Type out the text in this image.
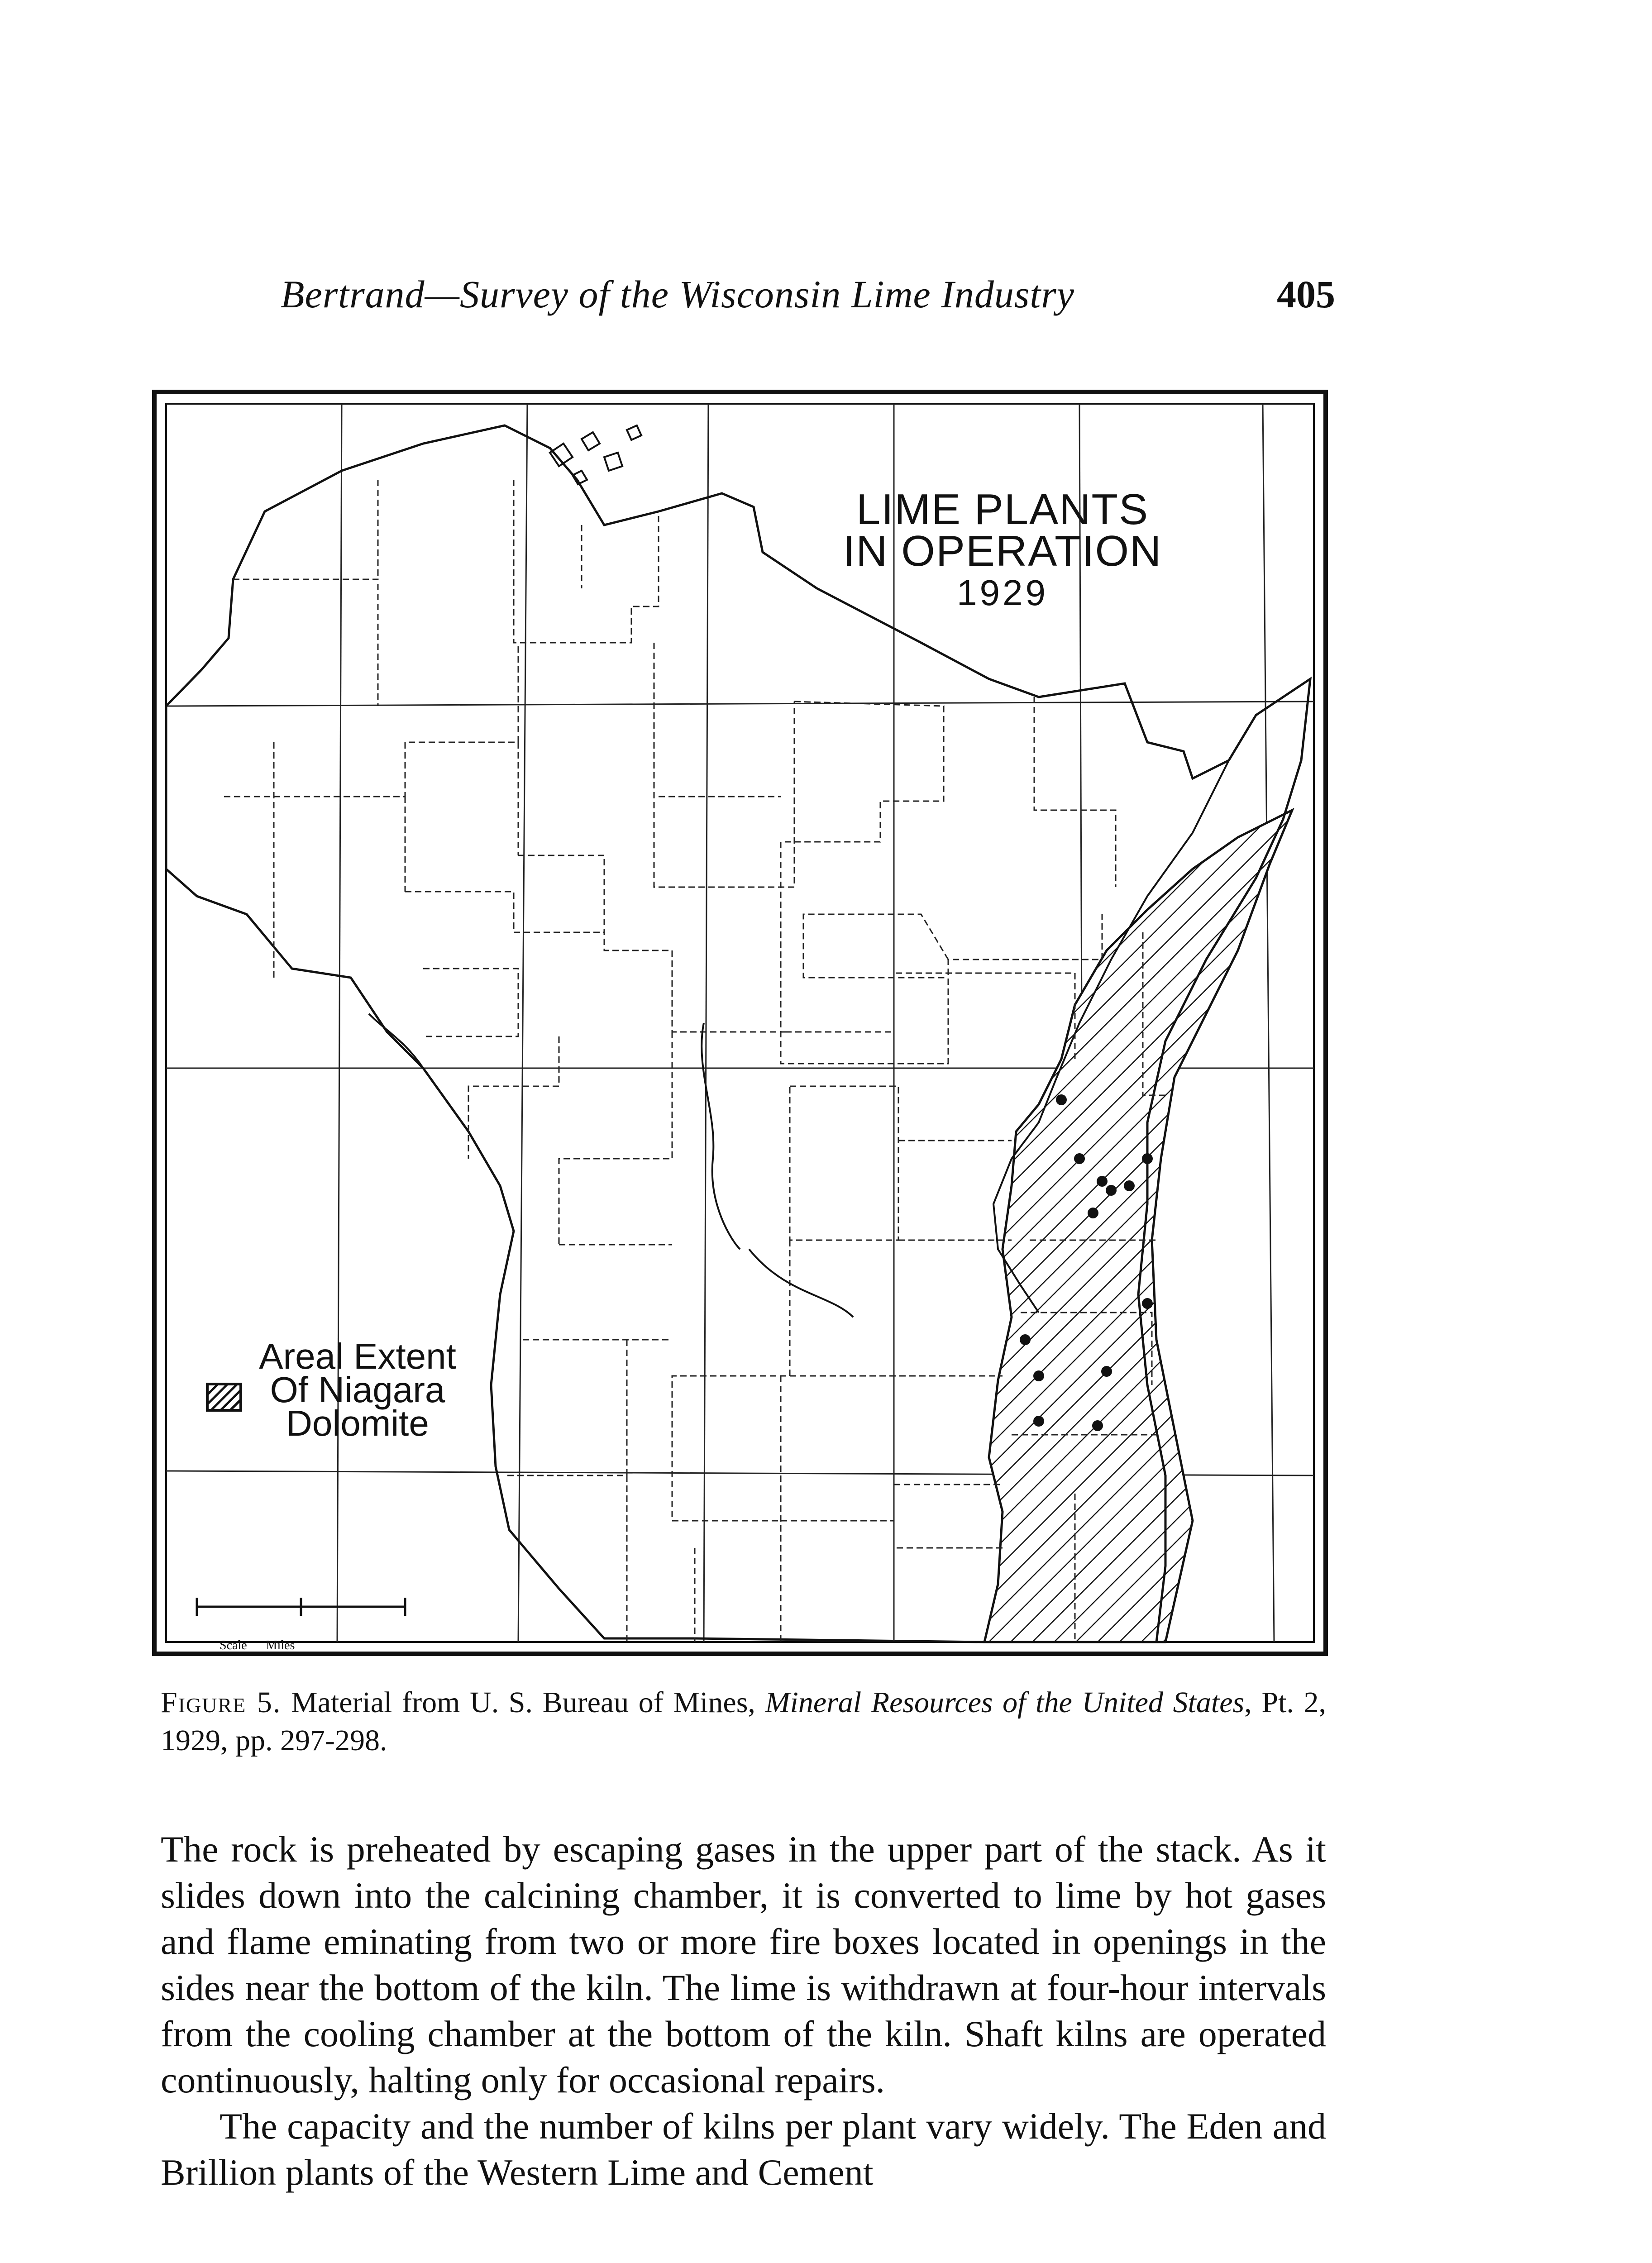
Bertrand—Survey of the Wisconsin Lime Industry	405
LIME PLANTS
IN OPERATION
1929
Areal Extent
Of Niagara
Dolomite
Scale Miles
Figure 5. Material from U. S. Bureau of Mines, Mineral Resources of the United States, Pt. 2, 1929, pp. 297-298.

The rock is preheated by escaping gases in the upper part of the stack. As it slides down into the calcining chamber, it is converted to lime by hot gases and flame eminating from two or more fire boxes located in openings in the sides near the bottom of the kiln. The lime is withdrawn at four-hour intervals from the cooling chamber at the bottom of the kiln. Shaft kilns are operated continuously, halting only for occasional repairs.

The capacity and the number of kilns per plant vary widely. The Eden and Brillion plants of the Western Lime and Cement
